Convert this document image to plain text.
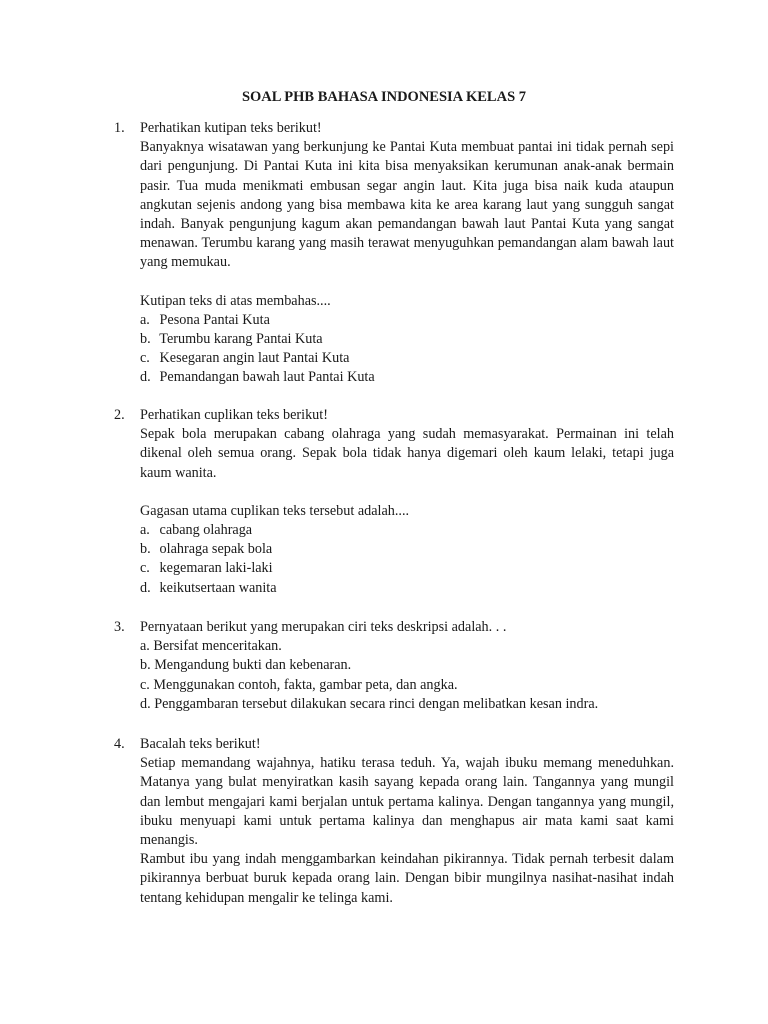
SOAL PHB BAHASA INDONESIA KELAS 7
1. Perhatikan kutipan teks berikut!
Banyaknya wisatawan yang berkunjung ke Pantai Kuta membuat pantai ini tidak pernah sepi dari pengunjung. Di Pantai Kuta ini kita bisa menyaksikan kerumunan anak-anak bermain pasir. Tua muda menikmati embusan segar angin laut. Kita juga bisa naik kuda ataupun angkutan sejenis andong yang bisa membawa kita ke area karang laut yang sungguh sangat indah. Banyak pengunjung kagum akan pemandangan bawah laut Pantai Kuta yang sangat menawan. Terumbu karang yang masih terawat menyuguhkan pemandangan alam bawah laut yang memukau.
Kutipan teks di atas membahas....
a. Pesona Pantai Kuta
b. Terumbu karang Pantai Kuta
c. Kesegaran angin laut Pantai Kuta
d. Pemandangan bawah laut Pantai Kuta
2. Perhatikan cuplikan teks berikut!
Sepak bola merupakan cabang olahraga yang sudah memasyarakat. Permainan ini telah dikenal oleh semua orang. Sepak bola tidak hanya digemari oleh kaum lelaki, tetapi juga kaum wanita.
Gagasan utama cuplikan teks tersebut adalah....
a. cabang olahraga
b. olahraga sepak bola
c. kegemaran laki-laki
d. keikutsertaan wanita
3. Pernyataan berikut yang merupakan ciri teks deskripsi adalah. . .
a. Bersifat menceritakan.
b. Mengandung bukti dan kebenaran.
c. Menggunakan contoh, fakta, gambar peta, dan angka.
d. Penggambaran tersebut dilakukan secara rinci dengan melibatkan kesan indra.
4. Bacalah teks berikut!
Setiap memandang wajahnya, hatiku terasa teduh. Ya, wajah ibuku memang meneduhkan. Matanya yang bulat menyiratkan kasih sayang kepada orang lain. Tangannya yang mungil dan lembut mengajari kami berjalan untuk pertama kalinya. Dengan tangannya yang mungil, ibuku menyuapi kami untuk pertama kalinya dan menghapus air mata kami saat kami menangis.
Rambut ibu yang indah menggambarkan keindahan pikirannya. Tidak pernah terbesit dalam pikirannya berbuat buruk kepada orang lain. Dengan bibir mungilnya nasihat-nasihat indah tentang kehidupan mengalir ke telinga kami.
